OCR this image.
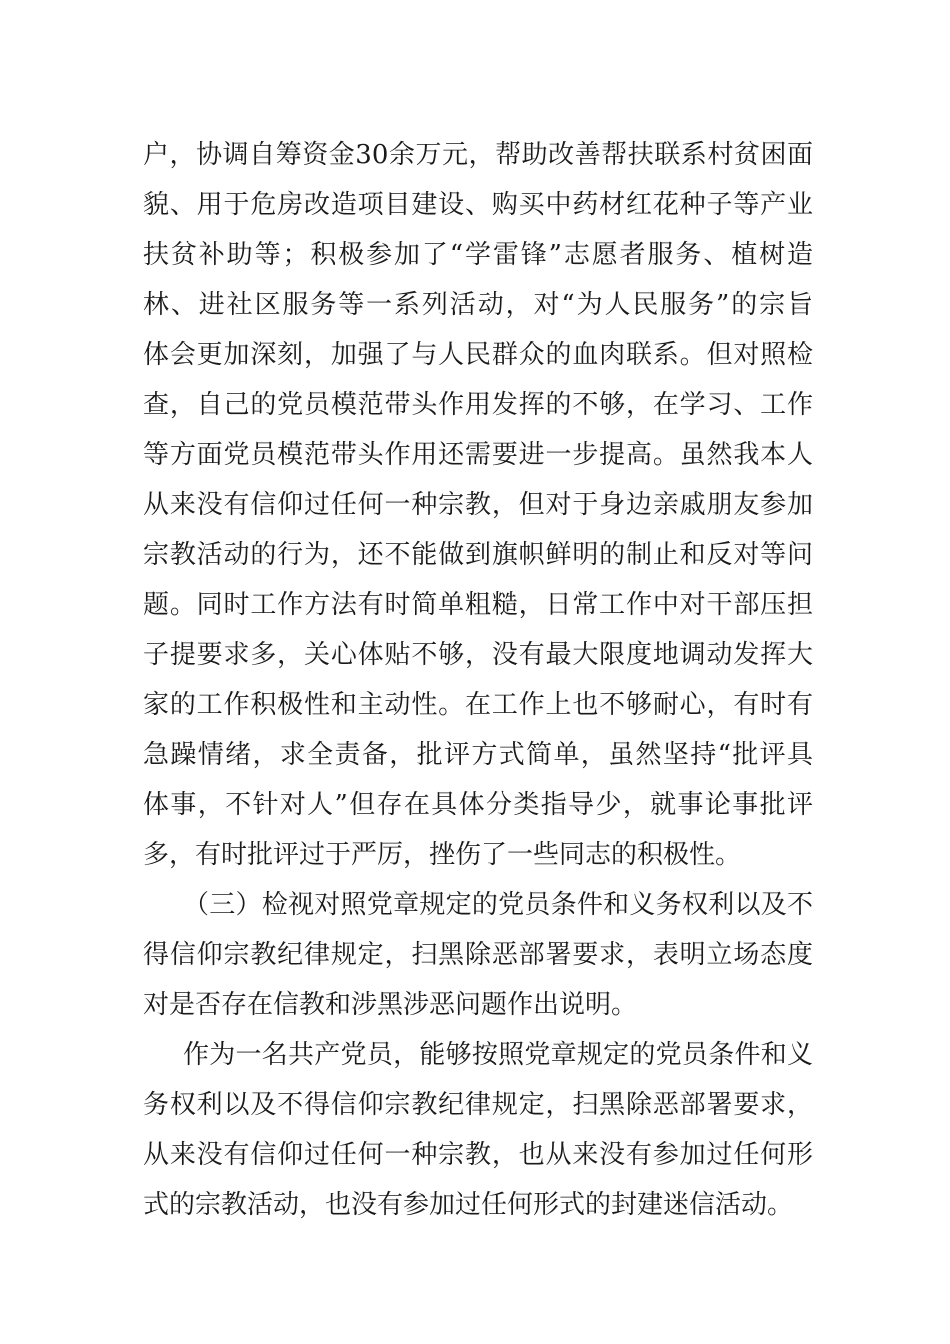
户，协调自筹资金30余万元，帮助改善帮扶联系村贫困面
貌、用于危房改造项目建设、购买中药材红花种子等产业
扶贫补助等；积极参加了“学雷锋”志愿者服务、植树造
林、进社区服务等一系列活动，对“为人民服务”的宗旨
体会更加深刻，加强了与人民群众的血肉联系。但对照检
查，自己的党员模范带头作用发挥的不够，在学习、工作
等方面党员模范带头作用还需要进一步提高。虽然我本人
从来没有信仰过任何一种宗教，但对于身边亲戚朋友参加
宗教活动的行为，还不能做到旗帜鲜明的制止和反对等问
题。同时工作方法有时简单粗糙，日常工作中对干部压担
子提要求多，关心体贴不够，没有最大限度地调动发挥大
家的工作积极性和主动性。在工作上也不够耐心，有时有
急躁情绪，求全责备，批评方式简单，虽然坚持“批评具
体事，不针对人”但存在具体分类指导少，就事论事批评
多，有时批评过于严厉，挫伤了一些同志的积极性。
（三）检视对照党章规定的党员条件和义务权利以及不
得信仰宗教纪律规定，扫黑除恶部署要求，表明立场态度
对是否存在信教和涉黑涉恶问题作出说明。
作为一名共产党员，能够按照党章规定的党员条件和义
务权利以及不得信仰宗教纪律规定，扫黑除恶部署要求，
从来没有信仰过任何一种宗教，也从来没有参加过任何形
式的宗教活动，也没有参加过任何形式的封建迷信活动。
